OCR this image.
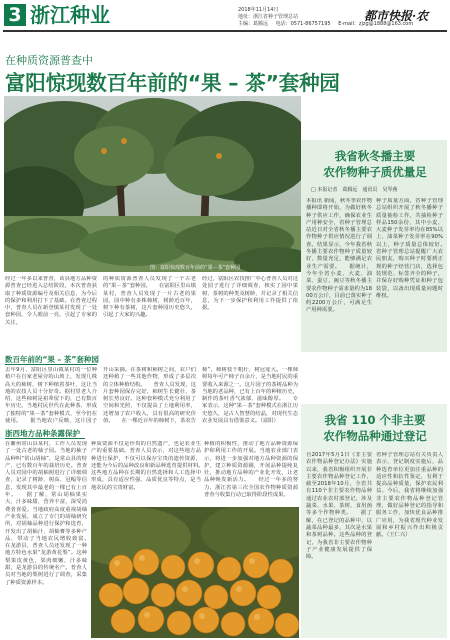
3 浙江种业	2018年11月14日
地址：浙江省种子管理总站
主编：葛腾远 电话：0571-86757195 E-mail：zjzg@1888@163.com
都市快报·农
在种质资源普查中
富阳惊现数百年前的“果 – 茶”套种园
图：富阳惊现数百年前的“果－茶”套种园
经过一年多以来普查，该县地方品种资源普查已经进入总结阶段，本次普查获取了种质资源编号及相关信息，为今后的保护和利用打下了基础。在普查过程中，普查人员在新登镇某村发现了一处套种园，令人眼前一亮，引起了专家的关注。
的种质资源普查人员发现了一个古老的“果－茶”套种园。　　在富阳区里山镇某村，普查人员发现了一片古老的果园，园中种有多株柿树，树龄近百年，树下种有茶树，这片套种园历史悠久，引起了大家的兴趣。
经过，富阳区农技推广中心普查人员对这处园子进行了详细调查，核实了园中果树、茶树的种类及树龄，并记录了相关信息，为下一步保护和利用工作提供了依据。
数百年前的“果 – 茶”套种园
去年9月，富阳区里山镇某村的一位种植户在自家老屋旁的山坡上，发现几株高大的柿树，树下种植着茶叶，这让当地的农技人员十分好奇。据村里老人介绍，这些柿树是祖辈留下的，已有数百年历史。当地村民世代在此种茶，形成了独特的“果－茶”套种模式，至今仍在使用。　　据当地农户反映，这片园子
开山采摘。在茶树和柿树之间，农户们还种植了一些其他作物，形成了多层次的立体种植结构。　　普查人员发现，这片套种园保存完好，柿树生长健壮，茶树长势良好。这种套种模式充分利用了空间和光照，不仅提高了土地利用率，还增加了农户收入，具有很高的研究价值。　　在一棵近百年的柿树下，茶农告
柿”，柿树枝干粗壮，树冠庞大。一棵柿树每年可产柿子百余斤，是当地村民的重要收入来源之一。这片园子的茶树品种为当地的老品种，已有上百年的种植历史，制作的茶叶香气浓郁、滋味醇厚。　　专家表示，这种“果－茶”套种模式在浙江历史悠久，是古人智慧的结晶，对现代生态农业发展具有借鉴意义。（富阳）
浙西地方品种条露保护
在衢州常山县某村，工作人员发现了一处古老的柚子园。当地的柚子品种叫“常山胡柚”，是常山县的特产，已有数百年的栽培历史。普查人员对园中的胡柚树进行了详细调查，记录了树龄、树高、冠幅等信息，发现其中最老的一棵已有上百年。　　据了解，常山胡柚果实大、汁多味甜，营养丰富，深受消费者喜爱。当地政府高度重视胡柚产业发展，成立了专门的胡柚研究所，对胡柚品种进行保护和选育，开发出了胡柚汁、胡柚膏等多种产品，带动了当地农民增收致富。　　在龙游县，普查人员还发现了一种地方特色水果“龙游黄花梨”。这种梨果皮黄色，果肉细嫩，汁多味甜，是龙游县的传统名产。普查人员对当地的梨树进行了调查，采集了种质资源样本。
种质资源不仅是珍贵的自然遗产，也是农业生产的重要基础。普查人员表示，对这些地方品种进行保护，不仅可以保存宝贵的遗传资源，还能为今后的品种改良和新品种选育提供材料。　　这些地方品种在长期的自然选择和人工选择中形成，具有适应性强、品质优良等特点，是当地农民的宝贵财富。
种植的积极性，推动了地方品种资源保护和利用工作的开展。当地农业部门表示，将进一步加强对地方品种资源的保护，建立种质资源圃，开展品种提纯复壮，推动地方品种的产业化开发，让老品种焕发新活力。　　经过一年多的努力，浙江省第三次全国农作物种质资源普查与收集行动已取得阶段性成果。
我省秋冬播主要
农作物种子质优量足
□ 本报记者　葛腾远　通讯员　吴琴燕
本报讯 新闻，秋冬季农作物播种即将开始，为做好秋冬种子供应工作，确保农业生产用种安全，省种子管理总站近日对全省秋冬播主要农作物种子供应情况进行了调查。结果显示，今年我省秋冬播主要农作物种子质量较好、数量充足，能够满足农业生产需要。　　据统计，今年全省小麦、大麦、油菜、蚕豆、豌豆等秋冬播主要农作物种子需求量约为1800万公斤，目前已落实种子约2200万公斤，可满足生产用种需要。
种子质量方面，省种子管理总站组织开展了秋冬播种子质量抽检工作，共抽检种子样品150余份，其中小麦、大麦种子发芽率均在85%以上，油菜种子发芽率在90%以上，种子质量总体较好。　　省种子管理总站提醒广大农民朋友，购买种子时要到正规的种子经营门店，选择包装规范、标签齐全的种子，并保存好购种凭证和种子包装袋，以备出现质量问题时维权。
我省 110 个非主要
农作物品种通过登记
自2017年5月1日《非主要农作物品种登记办法》实施以来，我省积极组织开展非主要农作物品种登记工作，截至2018年10月，全省共有110个非主要农作物品种通过农业农村部登记，涉及蔬菜、水果、茶树、食用菌等多个作物种类。　　据了解，在已登记的品种中，以蔬菜品种最多，其次是水果和茶树品种。这些品种的登记，为我省非主要农作物种子产业健康发展提供了保障。
省种子管理总站有关负责人表示，登记制度实施后，品种选育单位更加注重品种的适应性和抗性鉴定，有利于提高品种质量，保护农民利益。今后，我省将继续加强非主要农作物品种登记管理，做好品种登记的指导和服务工作，加快优良品种推广应用，为我省现代种业发展和乡村振兴作出积极贡献。（王仁兴）
